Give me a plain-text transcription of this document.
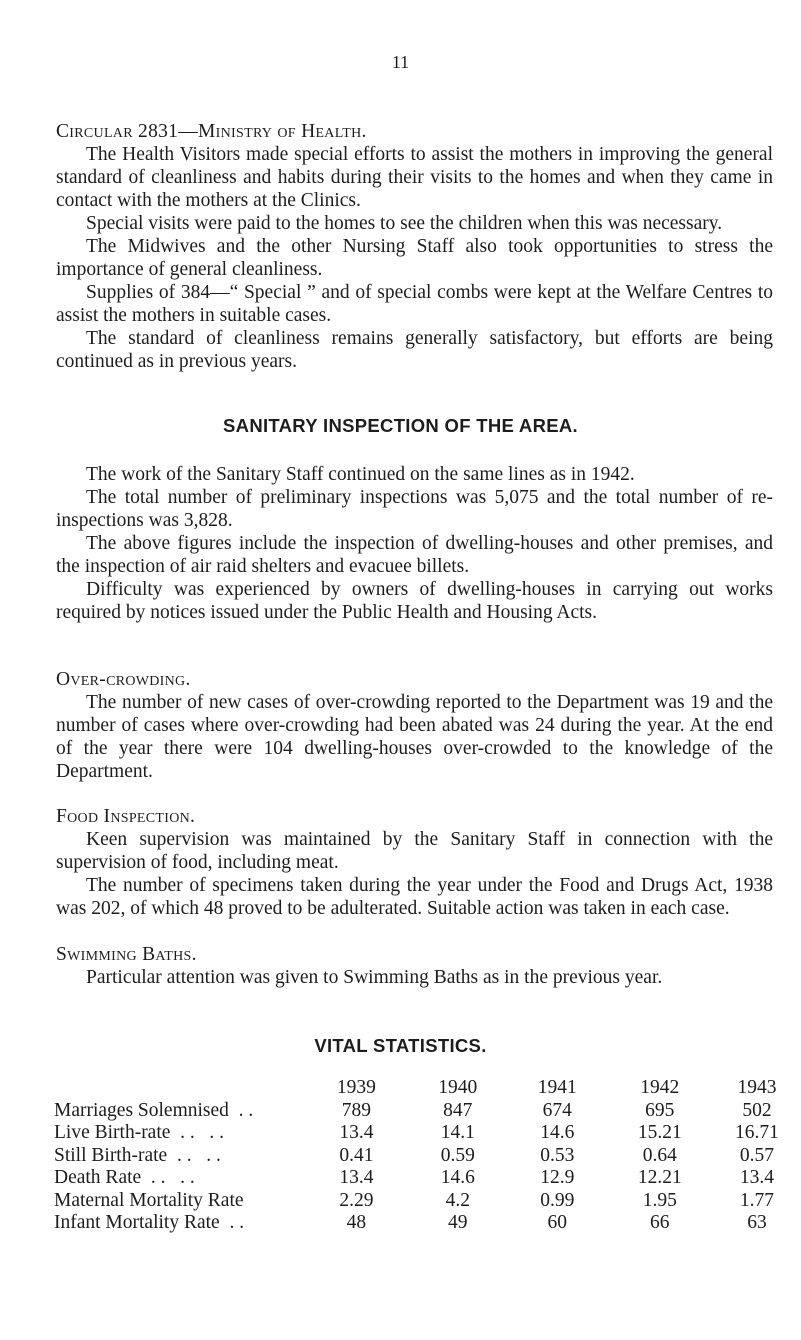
11

Circular 2831—Ministry of Health.

The Health Visitors made special efforts to assist the mothers in improving the general standard of cleanliness and habits during their visits to the homes and when they came in contact with the mothers at the Clinics.

Special visits were paid to the homes to see the children when this was necessary.

The Midwives and the other Nursing Staff also took opportunities to stress the importance of general cleanliness.

Supplies of 384—“ Special ” and of special combs were kept at the Welfare Centres to assist the mothers in suitable cases.

The standard of cleanliness remains generally satisfactory, but efforts are being continued as in previous years.

SANITARY INSPECTION OF THE AREA.

The work of the Sanitary Staff continued on the same lines as in 1942.

The total number of preliminary inspections was 5,075 and the total number of re-inspections was 3,828.

The above figures include the inspection of dwelling-houses and other premises, and the inspection of air raid shelters and evacuee billets.

Difficulty was experienced by owners of dwelling-houses in carrying out works required by notices issued under the Public Health and Housing Acts.

Over-crowding.

The number of new cases of over-crowding reported to the Department was 19 and the number of cases where over-crowding had been abated was 24 during the year. At the end of the year there were 104 dwelling-houses over-crowded to the knowledge of the Department.

Food Inspection.

Keen supervision was maintained by the Sanitary Staff in connection with the supervision of food, including meat.

The number of specimens taken during the year under the Food and Drugs Act, 1938 was 202, of which 48 proved to be adulterated. Suitable action was taken in each case.

Swimming Baths.

Particular attention was given to Swimming Baths as in the previous year.

VITAL STATISTICS.
	1939	1940	1941	1942	1943
Marriages Solemnised  . .	789	847	674	695	502
Live Birth-rate  . .   . .	13.4	14.1	14.6	15.21	16.71
Still Birth-rate  . .   . .	0.41	0.59	0.53	0.64	0.57
Death Rate  . .   . .	13.4	14.6	12.9	12.21	13.4
Maternal Mortality Rate	2.29	4.2	0.99	1.95	1.77
Infant Mortality Rate  . .	48	49	60	66	63
